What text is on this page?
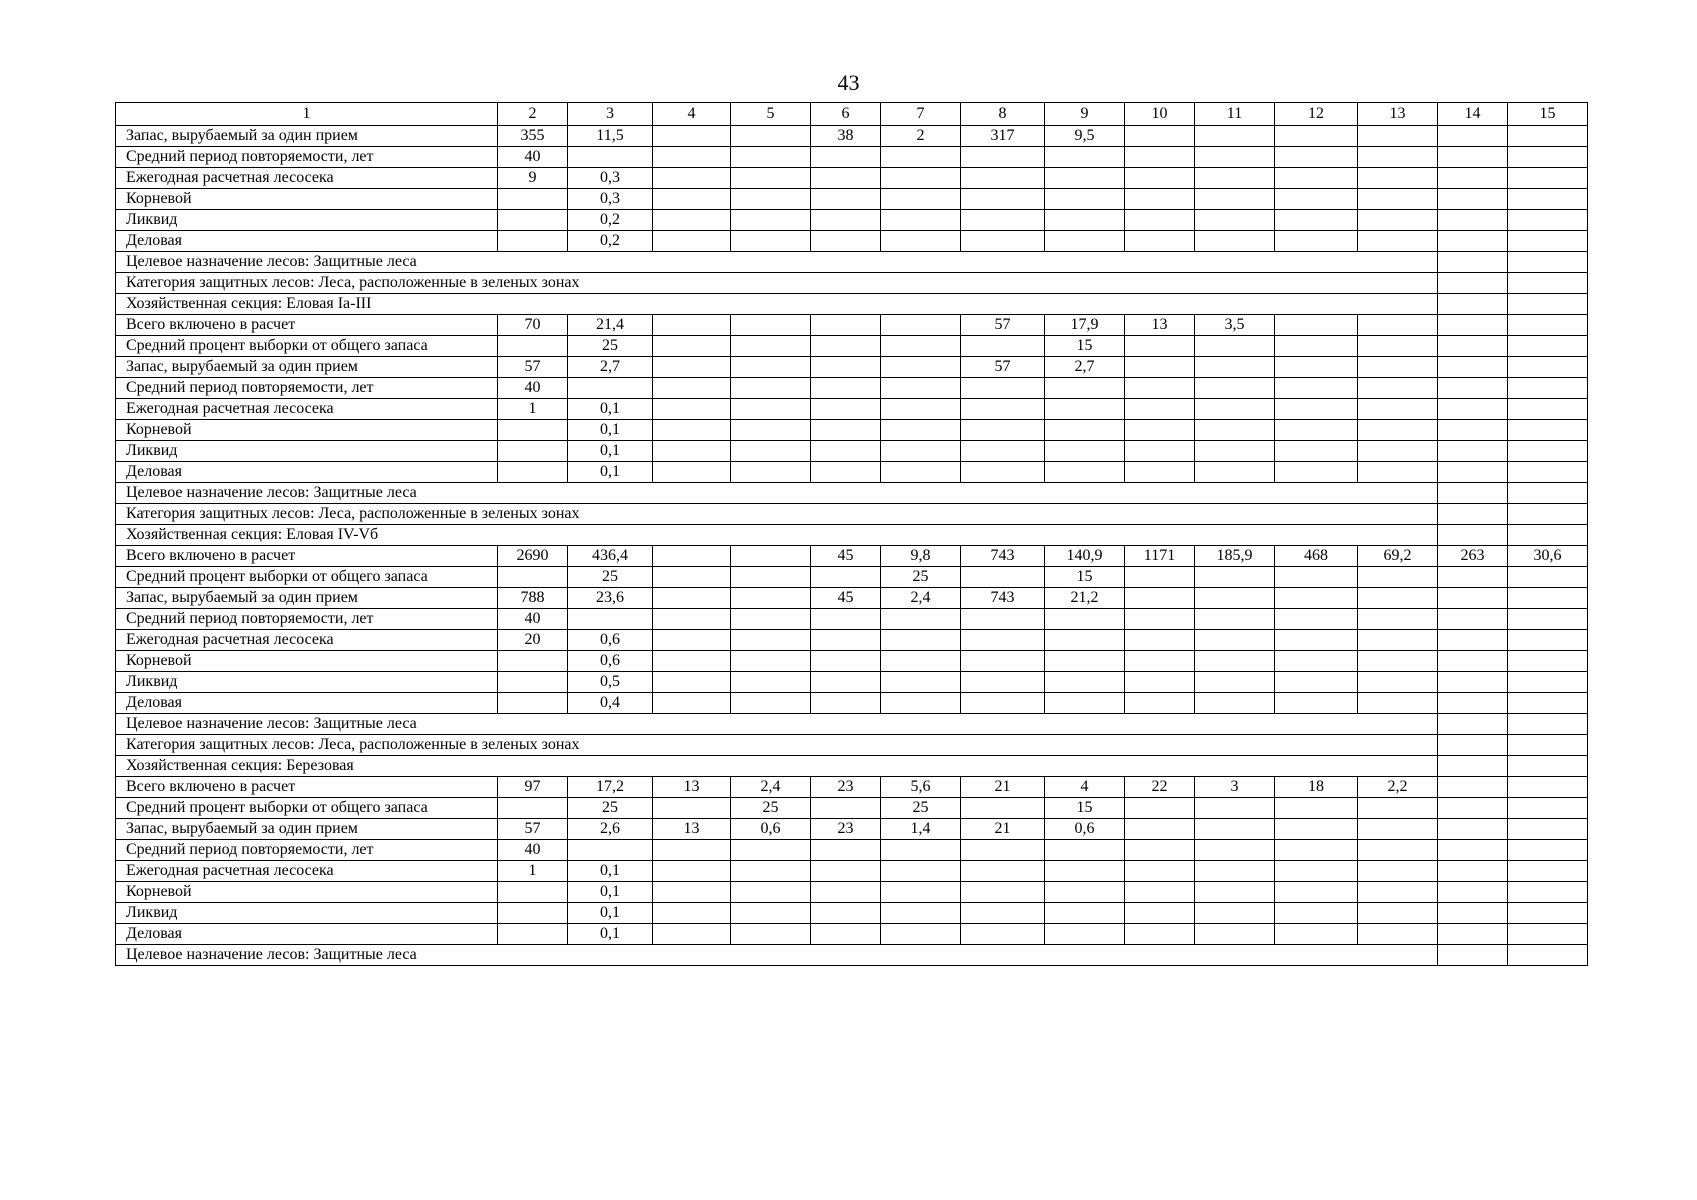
43
1	2	3	4	5	6	7	8	9	10	11	12	13	14	15
Запас, вырубаемый за один прием	355	11,5			38	2	317	9,5						
Средний период повторяемости, лет	40													
Ежегодная расчетная лесосека	9	0,3												
Корневой		0,3												
Ликвид		0,2												
Деловая		0,2												
Целевое назначение лесов: Защитные леса														
Категория защитных лесов: Леса, расположенные в зеленых зонах														
Хозяйственная секция: Еловая Ia-III														
Всего включено в расчет	70	21,4					57	17,9	13	3,5				
Средний процент выборки от общего запаса		25						15						
Запас, вырубаемый за один прием	57	2,7					57	2,7						
Средний период повторяемости, лет	40													
Ежегодная расчетная лесосека	1	0,1												
Корневой		0,1												
Ликвид		0,1												
Деловая		0,1												
Целевое назначение лесов: Защитные леса														
Категория защитных лесов: Леса, расположенные в зеленых зонах														
Хозяйственная секция: Еловая IV-Vб														
Всего включено в расчет	2690	436,4			45	9,8	743	140,9	1171	185,9	468	69,2	263	30,6
Средний процент выборки от общего запаса		25				25		15						
Запас, вырубаемый за один прием	788	23,6			45	2,4	743	21,2						
Средний период повторяемости, лет	40													
Ежегодная расчетная лесосека	20	0,6												
Корневой		0,6												
Ликвид		0,5												
Деловая		0,4												
Целевое назначение лесов: Защитные леса														
Категория защитных лесов: Леса, расположенные в зеленых зонах														
Хозяйственная секция: Березовая														
Всего включено в расчет	97	17,2	13	2,4	23	5,6	21	4	22	3	18	2,2		
Средний процент выборки от общего запаса		25		25		25		15						
Запас, вырубаемый за один прием	57	2,6	13	0,6	23	1,4	21	0,6						
Средний период повторяемости, лет	40													
Ежегодная расчетная лесосека	1	0,1												
Корневой		0,1												
Ликвид		0,1												
Деловая		0,1												
Целевое назначение лесов: Защитные леса														
